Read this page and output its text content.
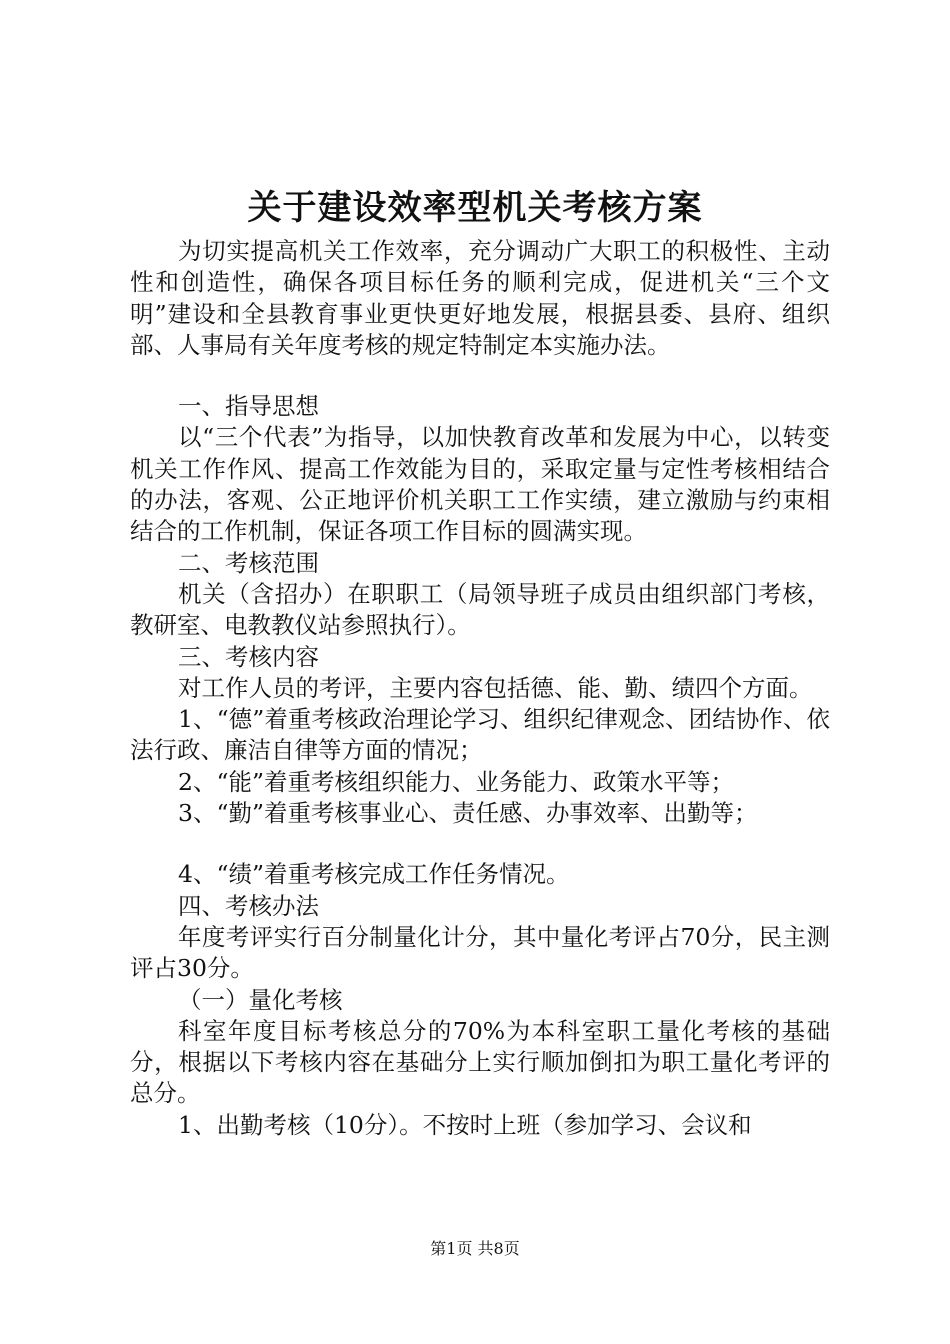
关于建设效率型机关考核方案

为切实提高机关工作效率，充分调动广大职工的积极性、主动性和创造性，确保各项目标任务的顺利完成，促进机关“三个文明”建设和全县教育事业更快更好地发展，根据县委、县府、组织部、人事局有关年度考核的规定特制定本实施办法。

一、指导思想

以“三个代表”为指导，以加快教育改革和发展为中心，以转变机关工作作风、提高工作效能为目的，采取定量与定性考核相结合的办法，客观、公正地评价机关职工工作实绩，建立激励与约束相结合的工作机制，保证各项工作目标的圆满实现。

二、考核范围

机关（含招办）在职职工（局领导班子成员由组织部门考核，教研室、电教教仪站参照执行）。

三、考核内容

对工作人员的考评，主要内容包括德、能、勤、绩四个方面。

1、“德”着重考核政治理论学习、组织纪律观念、团结协作、依法行政、廉洁自律等方面的情况；

2、“能”着重考核组织能力、业务能力、政策水平等；

3、“勤”着重考核事业心、责任感、办事效率、出勤等；

4、“绩”着重考核完成工作任务情况。

四、考核办法

年度考评实行百分制量化计分，其中量化考评占70分，民主测评占30分。

（一）量化考核

科室年度目标考核总分的70%为本科室职工量化考核的基础分，根据以下考核内容在基础分上实行顺加倒扣为职工量化考评的总分。

1、出勤考核（10分）。不按时上班（参加学习、会议和

第1页 共8页
